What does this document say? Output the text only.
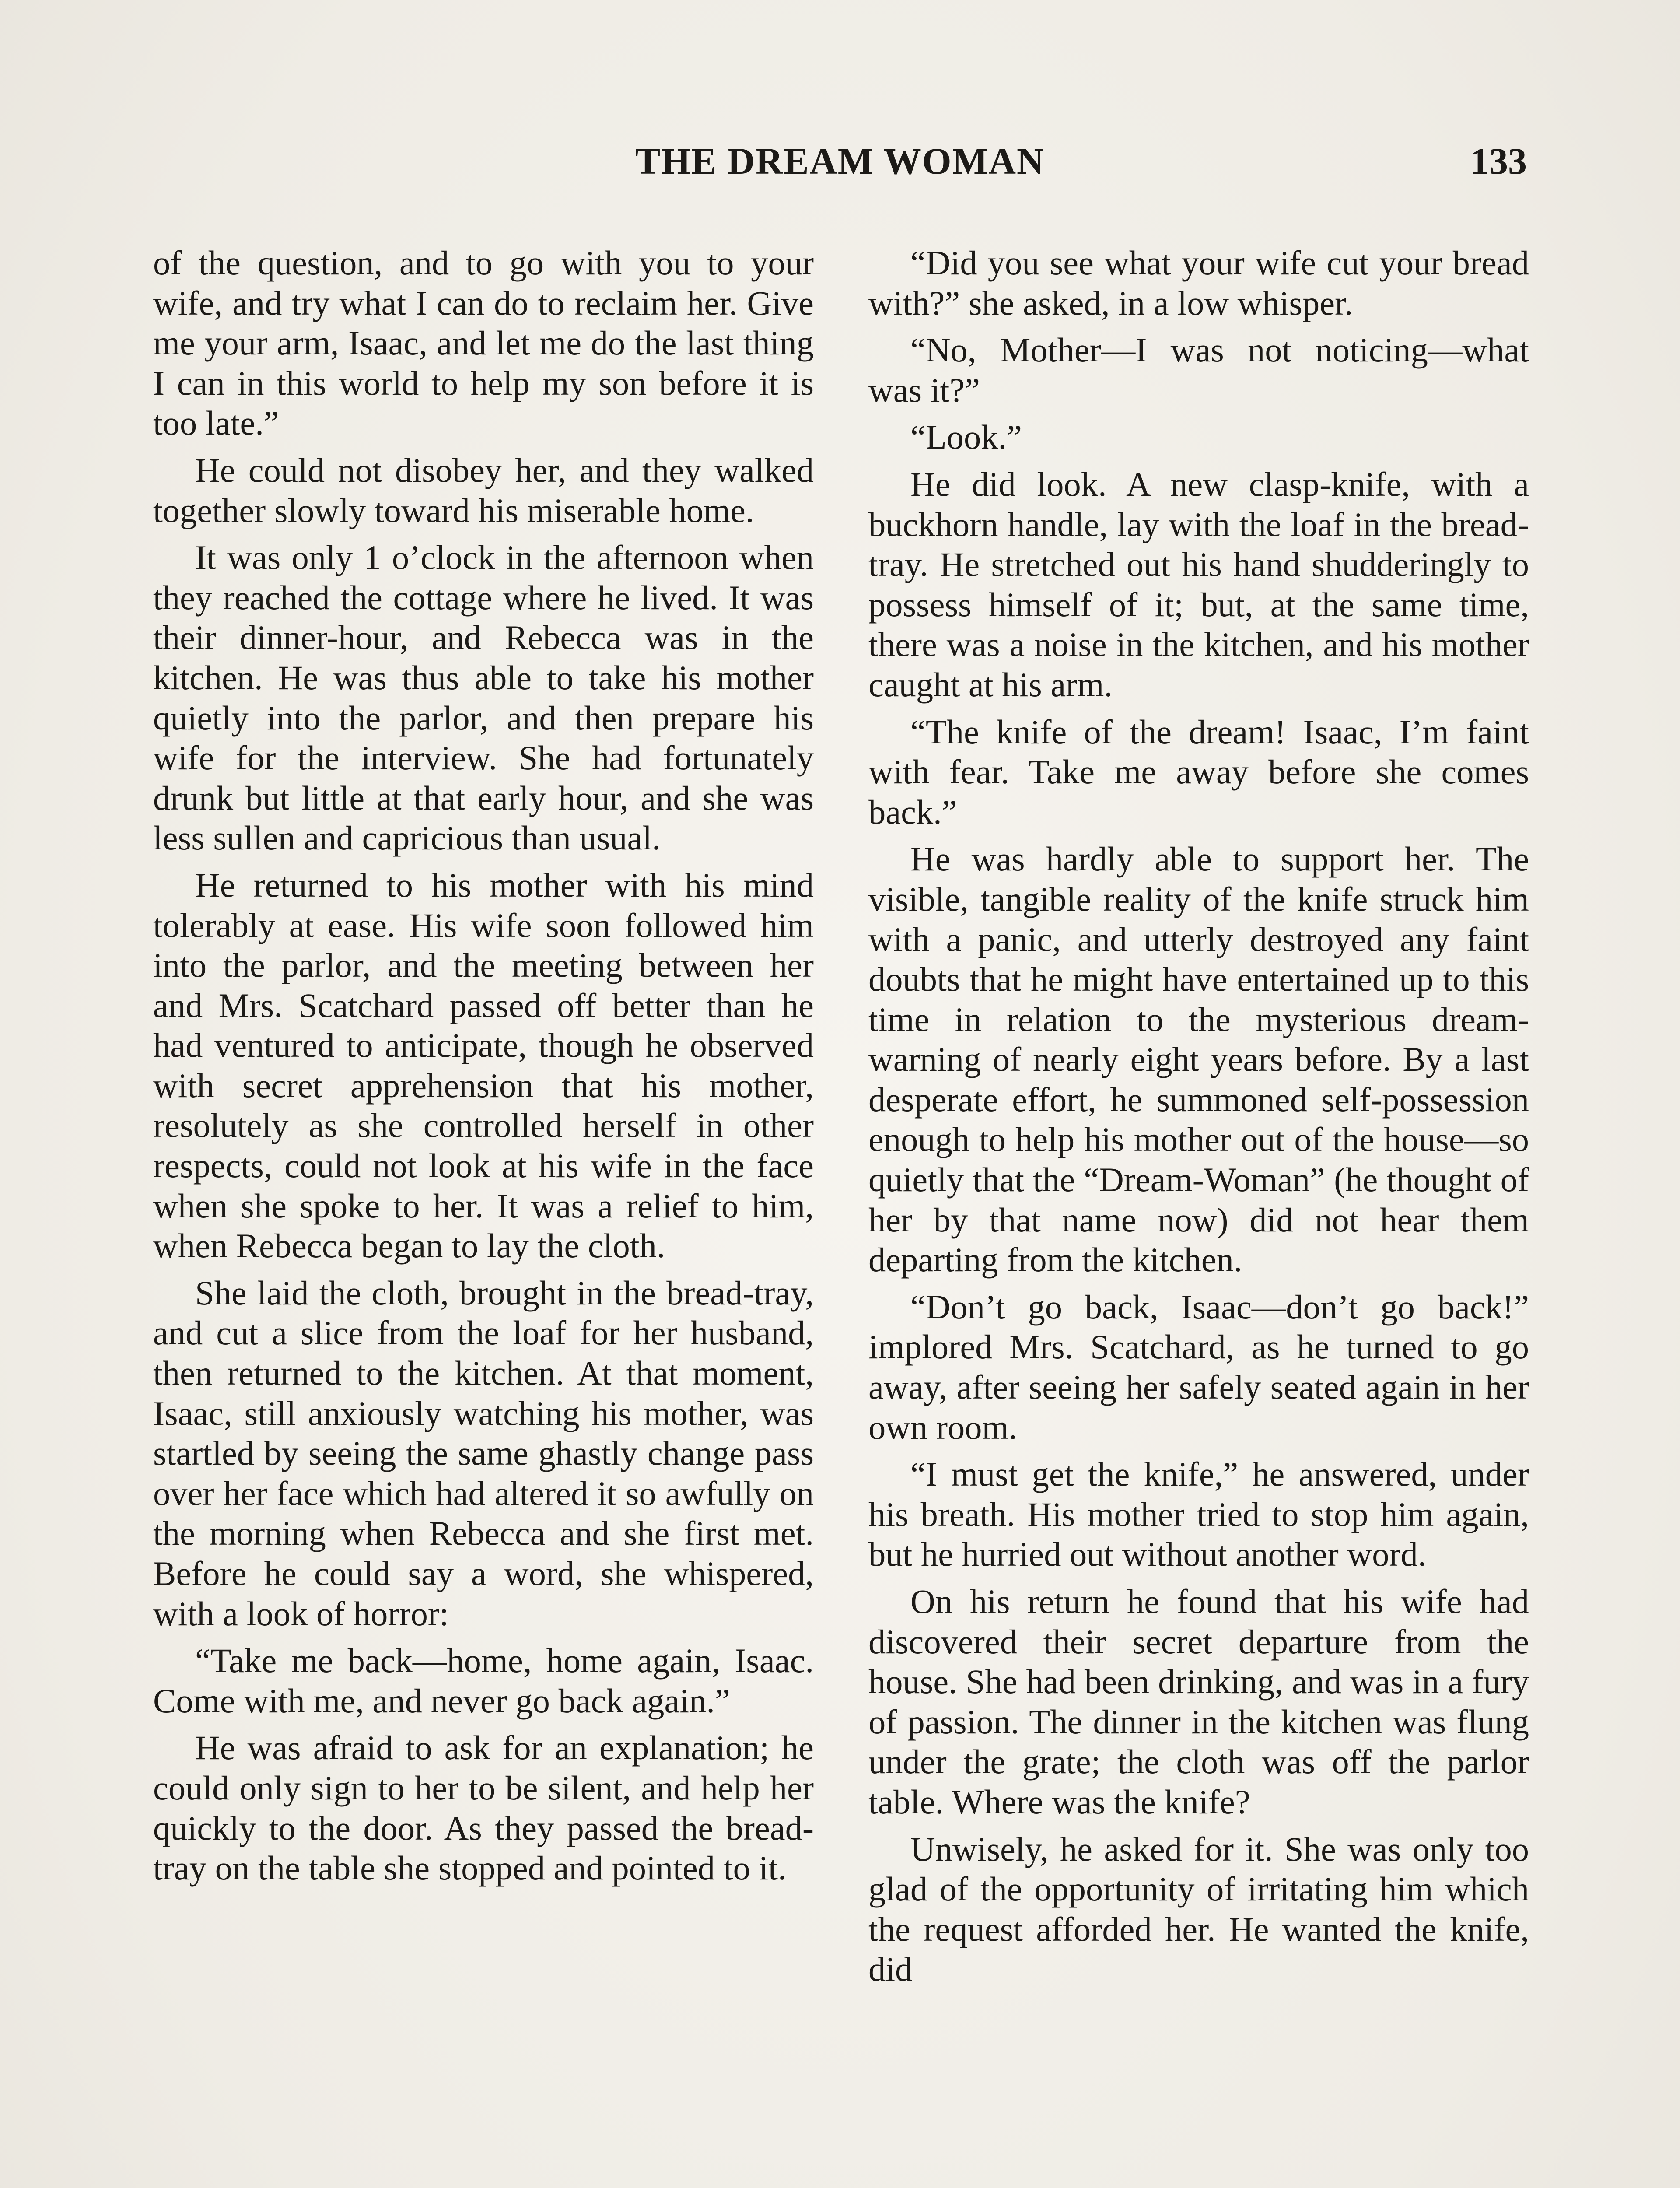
THE DREAM WOMAN	133

of the question, and to go with you to your wife, and try what I can do to reclaim her. Give me your arm, Isaac, and let me do the last thing I can in this world to help my son before it is too late.”

He could not disobey her, and they walked together slowly toward his miserable home.

It was only 1 o’clock in the afternoon when they reached the cottage where he lived. It was their dinner-hour, and Rebecca was in the kitchen. He was thus able to take his mother quietly into the parlor, and then prepare his wife for the interview. She had fortunately drunk but little at that early hour, and she was less sullen and capricious than usual.

He returned to his mother with his mind tolerably at ease. His wife soon followed him into the parlor, and the meeting between her and Mrs. Scatchard passed off better than he had ventured to anticipate, though he observed with secret apprehension that his mother, resolutely as she controlled herself in other respects, could not look at his wife in the face when she spoke to her. It was a relief to him, when Rebecca began to lay the cloth.

She laid the cloth, brought in the bread-tray, and cut a slice from the loaf for her husband, then returned to the kitchen. At that moment, Isaac, still anxiously watching his mother, was startled by seeing the same ghastly change pass over her face which had altered it so awfully on the morning when Rebecca and she first met. Before he could say a word, she whispered, with a look of horror:

“Take me back—home, home again, Isaac. Come with me, and never go back again.”

He was afraid to ask for an explanation; he could only sign to her to be silent, and help her quickly to the door. As they passed the bread-tray on the table she stopped and pointed to it.

“Did you see what your wife cut your bread with?” she asked, in a low whisper.

“No, Mother—I was not noticing—what was it?”

“Look.”

He did look. A new clasp-knife, with a buckhorn handle, lay with the loaf in the bread-tray. He stretched out his hand shudderingly to possess himself of it; but, at the same time, there was a noise in the kitchen, and his mother caught at his arm.

“The knife of the dream! Isaac, I’m faint with fear. Take me away before she comes back.”

He was hardly able to support her. The visible, tangible reality of the knife struck him with a panic, and utterly destroyed any faint doubts that he might have entertained up to this time in relation to the mysterious dream-warning of nearly eight years before. By a last desperate effort, he summoned self-possession enough to help his mother out of the house—so quietly that the “Dream-Woman” (he thought of her by that name now) did not hear them departing from the kitchen.

“Don’t go back, Isaac—don’t go back!” implored Mrs. Scatchard, as he turned to go away, after seeing her safely seated again in her own room.

“I must get the knife,” he answered, under his breath. His mother tried to stop him again, but he hurried out without another word.

On his return he found that his wife had discovered their secret departure from the house. She had been drinking, and was in a fury of passion. The dinner in the kitchen was flung under the grate; the cloth was off the parlor table. Where was the knife?

Unwisely, he asked for it. She was only too glad of the opportunity of irritating him which the request afforded her. He wanted the knife, did
